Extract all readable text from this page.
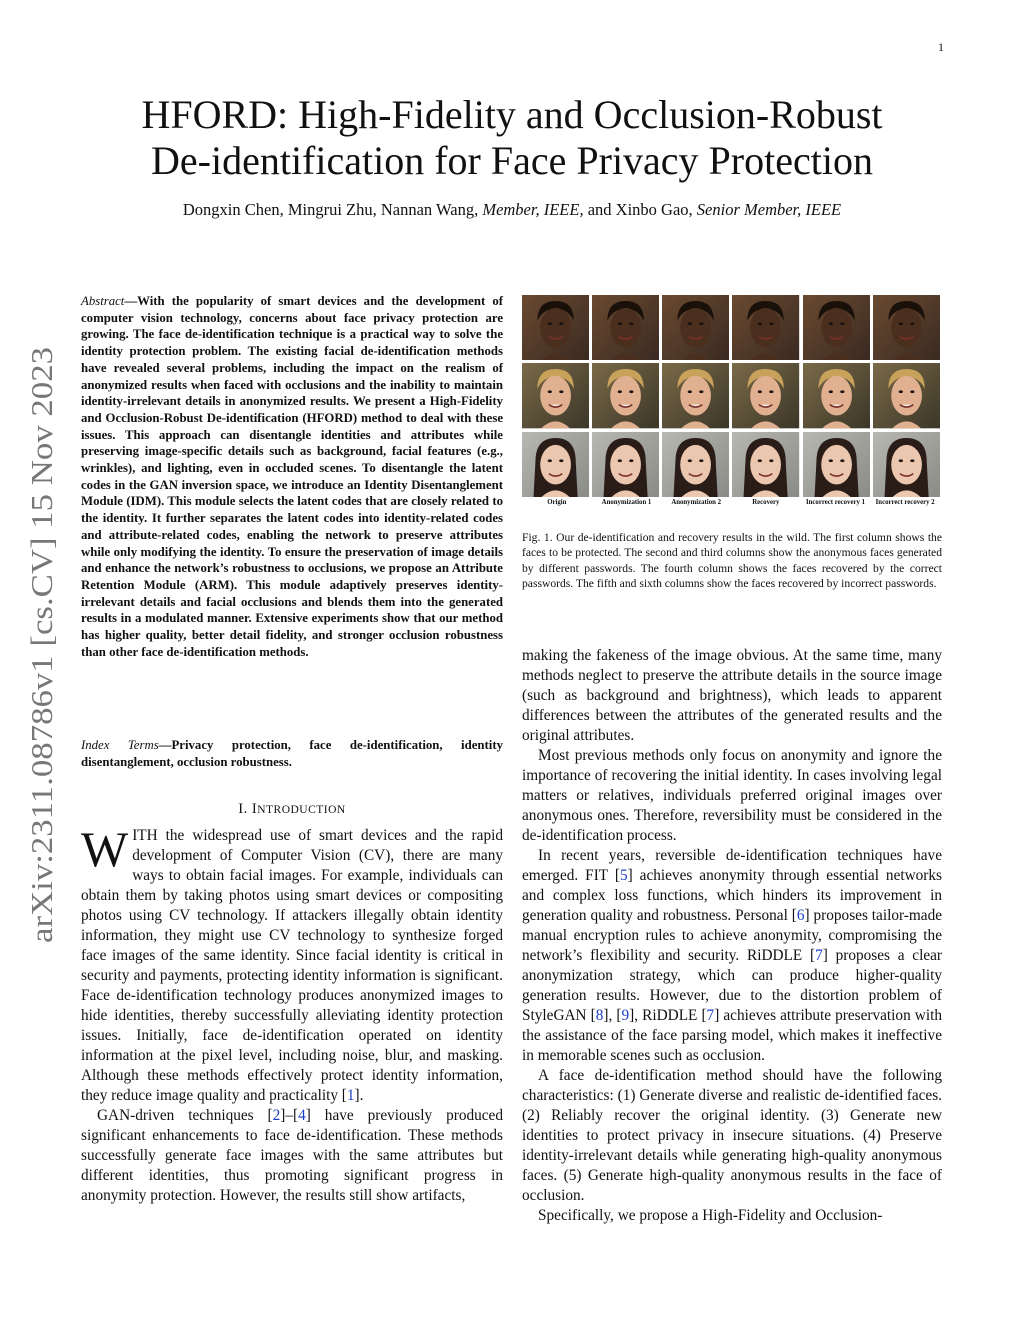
1
arXiv:2311.08786v1 [cs.CV] 15 Nov 2023
HFORD: High-Fidelity and Occlusion-Robust
De-identification for Face Privacy Protection
Dongxin Chen, Mingrui Zhu, Nannan Wang, Member, IEEE, and Xinbo Gao, Senior Member, IEEE
Abstract—With the popularity of smart devices and the development of computer vision technology, concerns about face privacy protection are growing. The face de-identification technique is a practical way to solve the identity protection problem. The existing facial de-identification methods have revealed several problems, including the impact on the realism of anonymized results when faced with occlusions and the inability to maintain identity-irrelevant details in anonymized results. We present a High-Fidelity and Occlusion-Robust De-identification (HFORD) method to deal with these issues. This approach can disentangle identities and attributes while preserving image-specific details such as background, facial features (e.g., wrinkles), and lighting, even in occluded scenes. To disentangle the latent codes in the GAN inversion space, we introduce an Identity Disentanglement Module (IDM). This module selects the latent codes that are closely related to the identity. It further separates the latent codes into identity-related codes and attribute-related codes, enabling the network to preserve attributes while only modifying the identity. To ensure the preservation of image details and enhance the network’s robustness to occlusions, we propose an Attribute Retention Module (ARM). This module adaptively preserves identity-irrelevant details and facial occlusions and blends them into the generated results in a modulated manner. Extensive experiments show that our method has higher quality, better detail fidelity, and stronger occlusion robustness than other face de-identification methods.
Index Terms—Privacy protection, face de-identification, identity disentanglement, occlusion robustness.
I. INTRODUCTION

WITH the widespread use of smart devices and the rapid development of Computer Vision (CV), there are many ways to obtain facial images. For example, individuals can obtain them by taking photos using smart devices or compositing photos using CV technology. If attackers illegally obtain identity information, they might use CV technology to synthesize forged face images of the same identity. Since facial identity is critical in security and payments, protecting identity information is significant. Face de-identification technology produces anonymized images to hide identities, thereby successfully alleviating identity protection issues. Initially, face de-identification operated on identity information at the pixel level, including noise, blur, and masking. Although these methods effectively protect identity information, they reduce image quality and practicality [1].

GAN-driven techniques [2]–[4] have previously produced significant enhancements to face de-identification. These methods successfully generate face images with the same attributes but different identities, thus promoting significant progress in anonymity protection. However, the results still show artifacts,

Origin	Anonymization 1	Anonymization 2	Recovery	Incorrect recovery 1	Incorrect recovery 2
Fig. 1. Our de-identification and recovery results in the wild. The first column shows the faces to be protected. The second and third columns show the anonymous faces generated by different passwords. The fourth column shows the faces recovered by the correct passwords. The fifth and sixth columns show the faces recovered by incorrect passwords.

making the fakeness of the image obvious. At the same time, many methods neglect to preserve the attribute details in the source image (such as background and brightness), which leads to apparent differences between the attributes of the generated results and the original attributes.

Most previous methods only focus on anonymity and ignore the importance of recovering the initial identity. In cases involving legal matters or relatives, individuals preferred original images over anonymous ones. Therefore, reversibility must be considered in the de-identification process.

In recent years, reversible de-identification techniques have emerged. FIT [5] achieves anonymity through essential networks and complex loss functions, which hinders its improvement in generation quality and robustness. Personal [6] proposes tailor-made manual encryption rules to achieve anonymity, compromising the network’s flexibility and security. RiDDLE [7] proposes a clear anonymization strategy, which can produce higher-quality generation results. However, due to the distortion problem of StyleGAN [8], [9], RiDDLE [7] achieves attribute preservation with the assistance of the face parsing model, which makes it ineffective in memorable scenes such as occlusion.

A face de-identification method should have the following characteristics: (1) Generate diverse and realistic de-identified faces. (2) Reliably recover the original identity. (3) Generate new identities to protect privacy in insecure situations. (4) Preserve identity-irrelevant details while generating high-quality anonymous faces. (5) Generate high-quality anonymous results in the face of occlusion.

Specifically, we propose a High-Fidelity and Occlusion-
